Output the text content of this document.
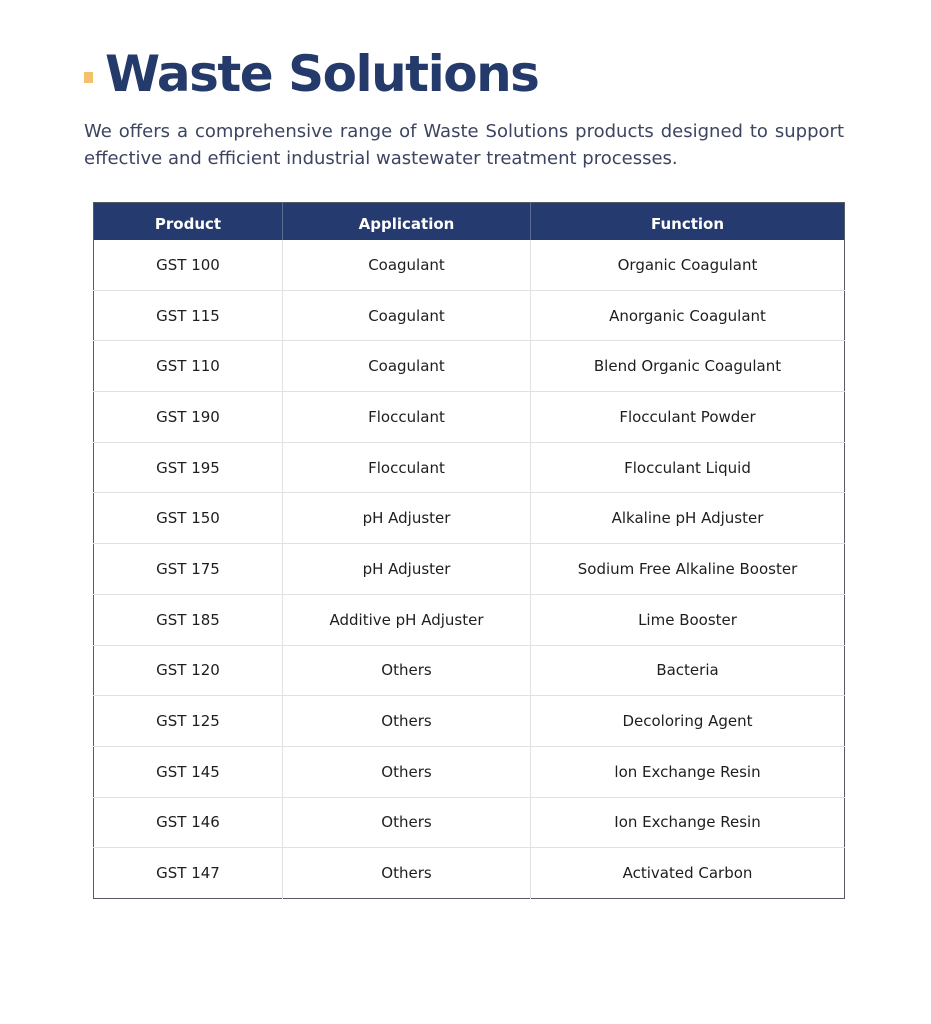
Waste Solutions

We offers a comprehensive range of Waste Solutions products designed to support effective and efficient industrial wastewater treatment processes.

Product	Application	Function
GST 100	Coagulant	Organic Coagulant
GST 115	Coagulant	Anorganic Coagulant
GST 110	Coagulant	Blend Organic Coagulant
GST 190	Flocculant	Flocculant Powder
GST 195	Flocculant	Flocculant Liquid
GST 150	pH Adjuster	Alkaline pH Adjuster
GST 175	pH Adjuster	Sodium Free Alkaline Booster
GST 185	Additive pH Adjuster	Lime Booster
GST 120	Others	Bacteria
GST 125	Others	Decoloring Agent
GST 145	Others	lon Exchange Resin
GST 146	Others	Ion Exchange Resin
GST 147	Others	Activated Carbon
